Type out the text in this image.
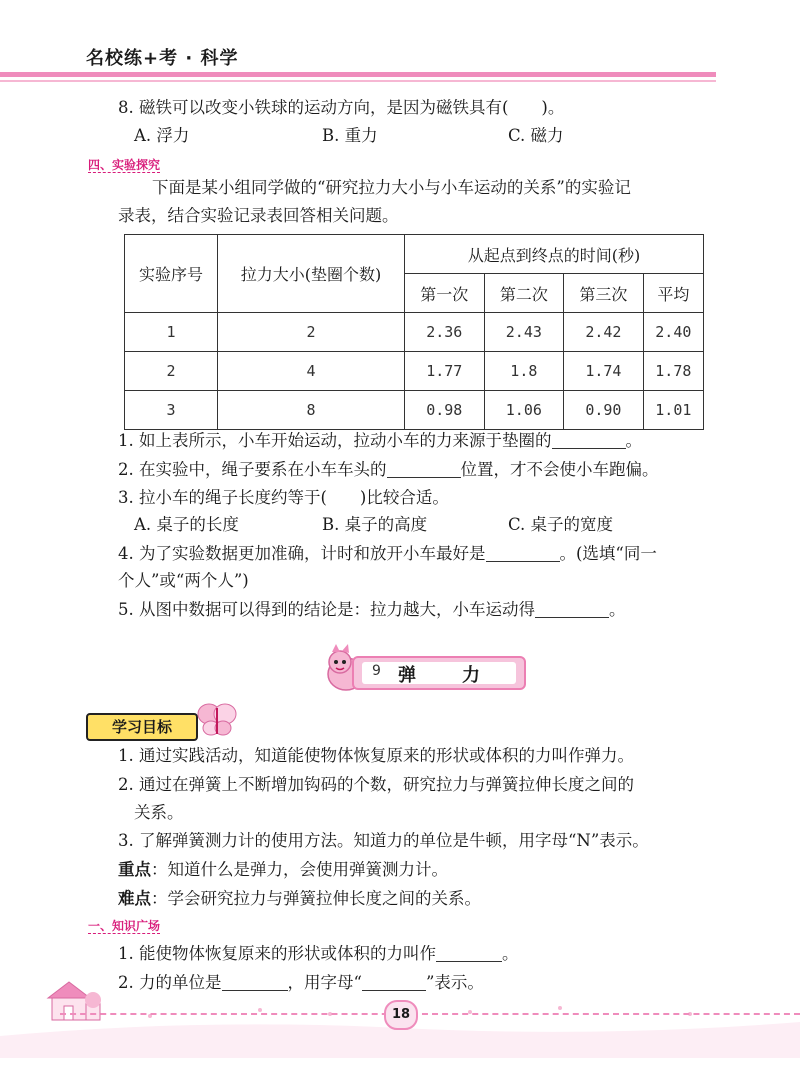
名校练+考 · 科学
8. 磁铁可以改变小铁球的运动方向，是因为磁铁具有(　　)。
A. 浮力	B. 重力	C. 磁力
四、实验探究
下面是某小组同学做的“研究拉力大小与小车运动的关系”的实验记
录表，结合实验记录表回答相关问题。
实验序号	拉力大小(垫圈个数)	从起点到终点的时间(秒)			
		第一次	第二次	第三次	平均
1	2	2.36	2.43	2.42	2.40
2	4	1.77	1.8	1.74	1.78
3	8	0.98	1.06	0.90	1.01
1. 如上表所示，小车开始运动，拉动小车的力来源于垫圈的	。
2. 在实验中，绳子要系在小车车头的	位置，才不会使小车跑偏。
3. 拉小车的绳子长度约等于(　　)比较合适。
A. 桌子的长度	B. 桌子的高度	C. 桌子的宽度
4. 为了实验数据更加准确，计时和放开小车最好是	。(选填“同一
个人”或“两个人”)
5. 从图中数据可以得到的结论是：拉力越大，小车运动得	。
9 弹	力
学习目标
1. 通过实践活动，知道能使物体恢复原来的形状或体积的力叫作弹力。
2. 通过在弹簧上不断增加钩码的个数，研究拉力与弹簧拉伸长度之间的
关系。
3. 了解弹簧测力计的使用方法。知道力的单位是牛顿，用字母“N”表示。
重点：知道什么是弹力，会使用弹簧测力计。
难点：学会研究拉力与弹簧拉伸长度之间的关系。
一、知识广场
1. 能使物体恢复原来的形状或体积的力叫作	。
2. 力的单位是	，用字母“	”表示。
18
